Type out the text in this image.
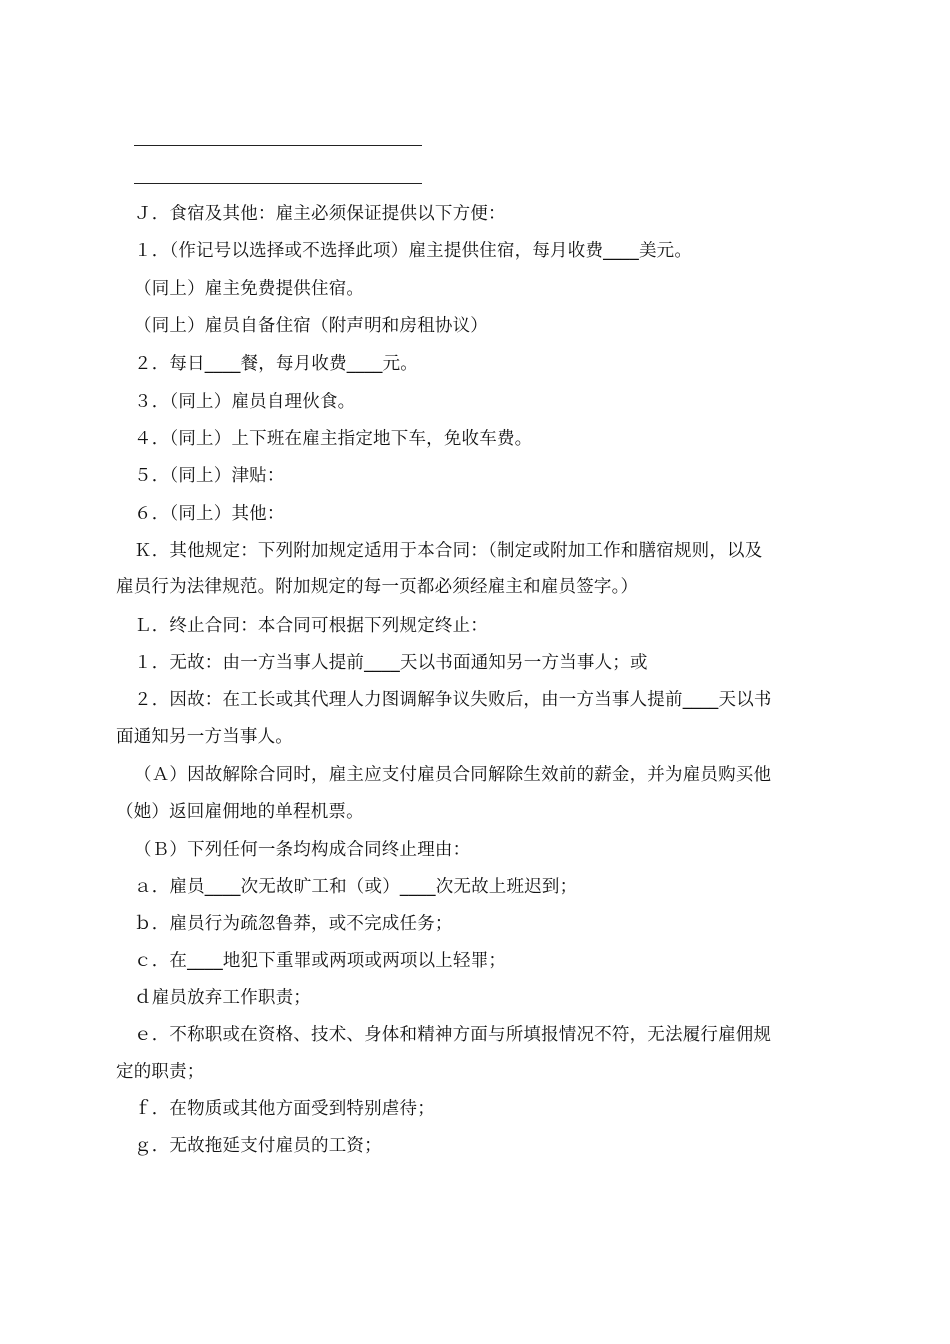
Ｊ．食宿及其他：雇主必须保证提供以下方便：
１．（作记号以选择或不选择此项）雇主提供住宿，每月收费____美元。
（同上）雇主免费提供住宿。
（同上）雇员自备住宿（附声明和房租协议）
２．每日____餐，每月收费____元。
３．（同上）雇员自理伙食。
４．（同上）上下班在雇主指定地下车，免收车费。
５．（同上）津贴：
６．（同上）其他：
Ｋ．其他规定：下列附加规定适用于本合同：（制定或附加工作和膳宿规则，以及
雇员行为法律规范。附加规定的每一页都必须经雇主和雇员签字。）
Ｌ．终止合同：本合同可根据下列规定终止：
１．无故：由一方当事人提前____天以书面通知另一方当事人；或
２．因故：在工长或其代理人力图调解争议失败后，由一方当事人提前____天以书
面通知另一方当事人。
（Ａ）因故解除合同时，雇主应支付雇员合同解除生效前的薪金，并为雇员购买他
（她）返回雇佣地的单程机票。
（Ｂ）下列任何一条均构成合同终止理由：
ａ．雇员____次无故旷工和（或）____次无故上班迟到；
ｂ．雇员行为疏忽鲁莽，或不完成任务；
ｃ．在____地犯下重罪或两项或两项以上轻罪；
ｄ雇员放弃工作职责；
ｅ．不称职或在资格、技术、身体和精神方面与所填报情况不符，无法履行雇佣规
定的职责；
ｆ．在物质或其他方面受到特别虐待；
ｇ．无故拖延支付雇员的工资；
